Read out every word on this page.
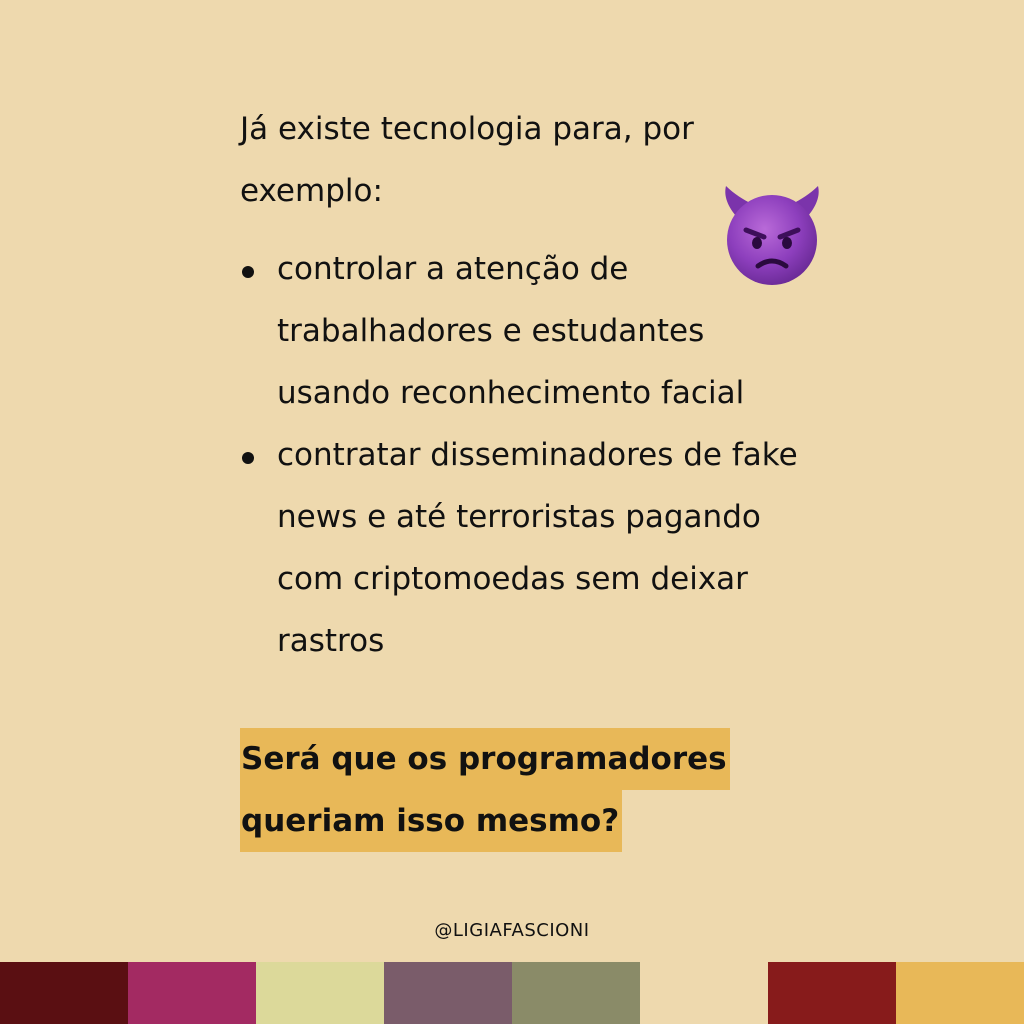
Já existe tecnologia para, por exemplo:

controlar a atenção de trabalhadores e estudantes usando reconhecimento facial
contratar disseminadores de fake news e até terroristas pagando com criptomoedas sem deixar rastros
Será que os programadores
queriam isso mesmo?
@LIGIAFASCIONI
